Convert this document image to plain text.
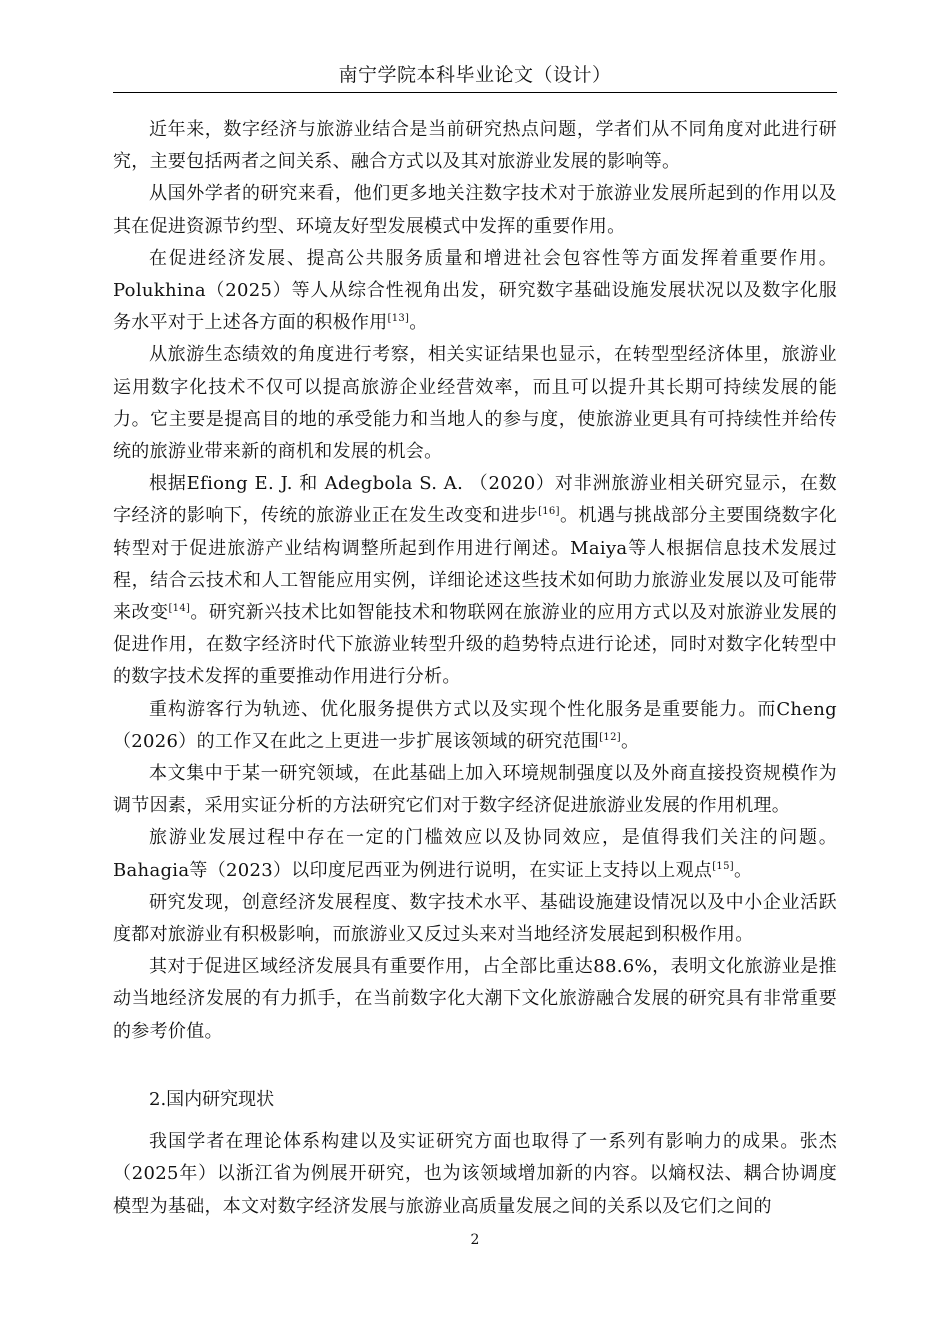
南宁学院本科毕业论文（设计）

近年来，数字经济与旅游业结合是当前研究热点问题，学者们从不同角度对此进行研究，主要包括两者之间关系、融合方式以及其对旅游业发展的影响等。

从国外学者的研究来看，他们更多地关注数字技术对于旅游业发展所起到的作用以及其在促进资源节约型、环境友好型发展模式中发挥的重要作用。

在促进经济发展、提高公共服务质量和增进社会包容性等方面发挥着重要作用。Polukhina（2025）等人从综合性视角出发，研究数字基础设施发展状况以及数字化服务水平对于上述各方面的积极作用[13]。

从旅游生态绩效的角度进行考察，相关实证结果也显示，在转型型经济体里，旅游业运用数字化技术不仅可以提高旅游企业经营效率，而且可以提升其长期可持续发展的能力。它主要是提高目的地的承受能力和当地人的参与度，使旅游业更具有可持续性并给传统的旅游业带来新的商机和发展的机会。

根据Efiong E. J. 和 Adegbola S. A. （2020）对非洲旅游业相关研究显示，在数字经济的影响下，传统的旅游业正在发生改变和进步[16]。机遇与挑战部分主要围绕数字化转型对于促进旅游产业结构调整所起到作用进行阐述。Maiya等人根据信息技术发展过程，结合云技术和人工智能应用实例，详细论述这些技术如何助力旅游业发展以及可能带来改变[14]。研究新兴技术比如智能技术和物联网在旅游业的应用方式以及对旅游业发展的促进作用，在数字经济时代下旅游业转型升级的趋势特点进行论述，同时对数字化转型中的数字技术发挥的重要推动作用进行分析。

重构游客行为轨迹、优化服务提供方式以及实现个性化服务是重要能力。而Cheng（2026）的工作又在此之上更进一步扩展该领域的研究范围[12]。

本文集中于某一研究领域，在此基础上加入环境规制强度以及外商直接投资规模作为调节因素，采用实证分析的方法研究它们对于数字经济促进旅游业发展的作用机理。

旅游业发展过程中存在一定的门槛效应以及协同效应，是值得我们关注的问题。Bahagia等（2023）以印度尼西亚为例进行说明，在实证上支持以上观点[15]。

研究发现，创意经济发展程度、数字技术水平、基础设施建设情况以及中小企业活跃度都对旅游业有积极影响，而旅游业又反过头来对当地经济发展起到积极作用。

其对于促进区域经济发展具有重要作用，占全部比重达88.6%，表明文化旅游业是推动当地经济发展的有力抓手，在当前数字化大潮下文化旅游融合发展的研究具有非常重要的参考价值。

2.国内研究现状

我国学者在理论体系构建以及实证研究方面也取得了一系列有影响力的成果。张杰（2025年）以浙江省为例展开研究，也为该领域增加新的内容。以熵权法、耦合协调度模型为基础，本文对数字经济发展与旅游业高质量发展之间的关系以及它们之间的

2
